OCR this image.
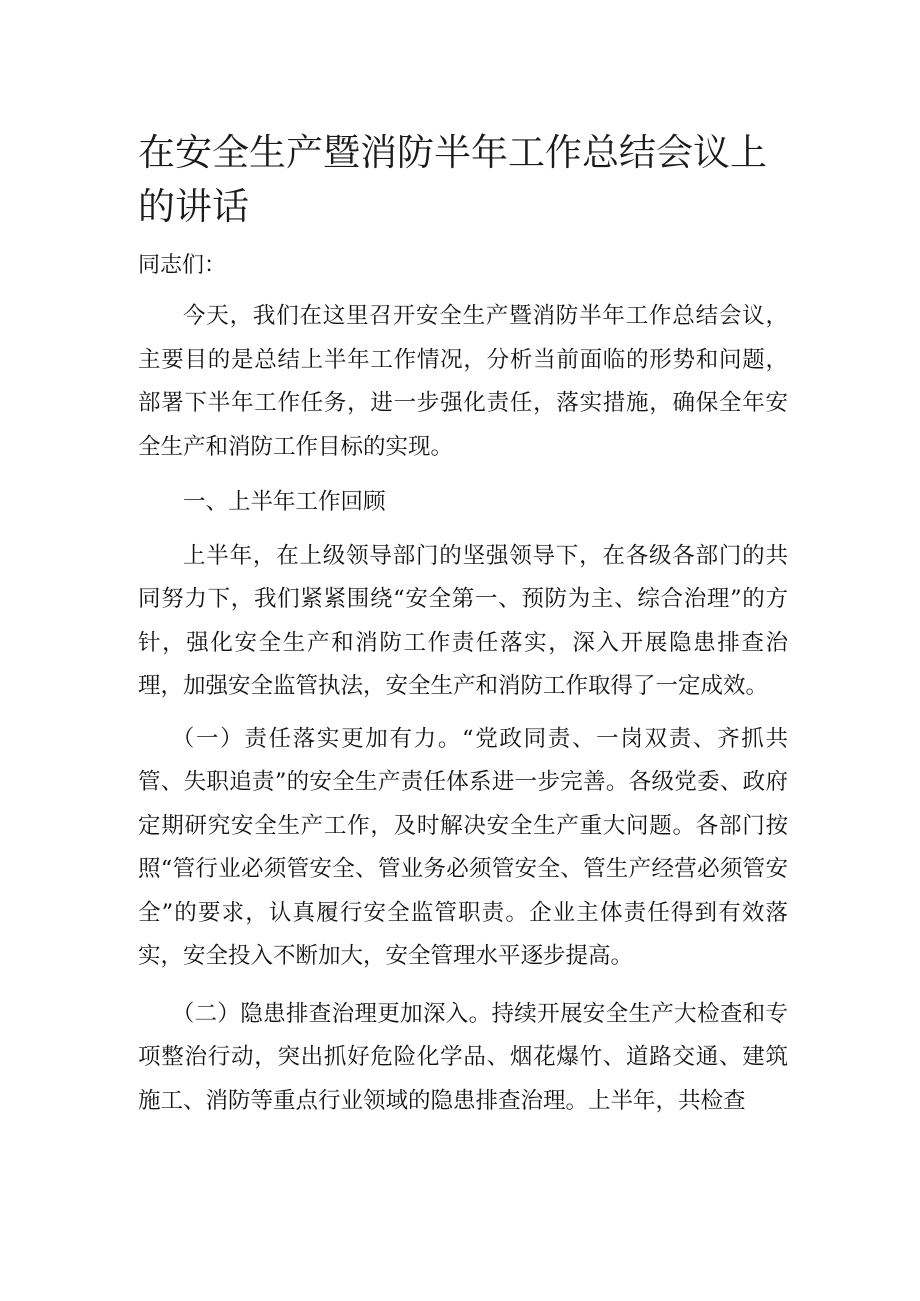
在安全生产暨消防半年工作总结会议上的讲话

同志们：

今天，我们在这里召开安全生产暨消防半年工作总结会议，主要目的是总结上半年工作情况，分析当前面临的形势和问题，部署下半年工作任务，进一步强化责任，落实措施，确保全年安全生产和消防工作目标的实现。

一、上半年工作回顾

上半年，在上级领导部门的坚强领导下，在各级各部门的共同努力下，我们紧紧围绕“安全第一、预防为主、综合治理”的方针，强化安全生产和消防工作责任落实，深入开展隐患排查治理，加强安全监管执法，安全生产和消防工作取得了一定成效。

（一）责任落实更加有力。“党政同责、一岗双责、齐抓共管、失职追责”的安全生产责任体系进一步完善。各级党委、政府定期研究安全生产工作，及时解决安全生产重大问题。各部门按照“管行业必须管安全、管业务必须管安全、管生产经营必须管安全”的要求，认真履行安全监管职责。企业主体责任得到有效落实，安全投入不断加大，安全管理水平逐步提高。

（二）隐患排查治理更加深入。持续开展安全生产大检查和专项整治行动，突出抓好危险化学品、烟花爆竹、道路交通、建筑施工、消防等重点行业领域的隐患排查治理。上半年，共检查
